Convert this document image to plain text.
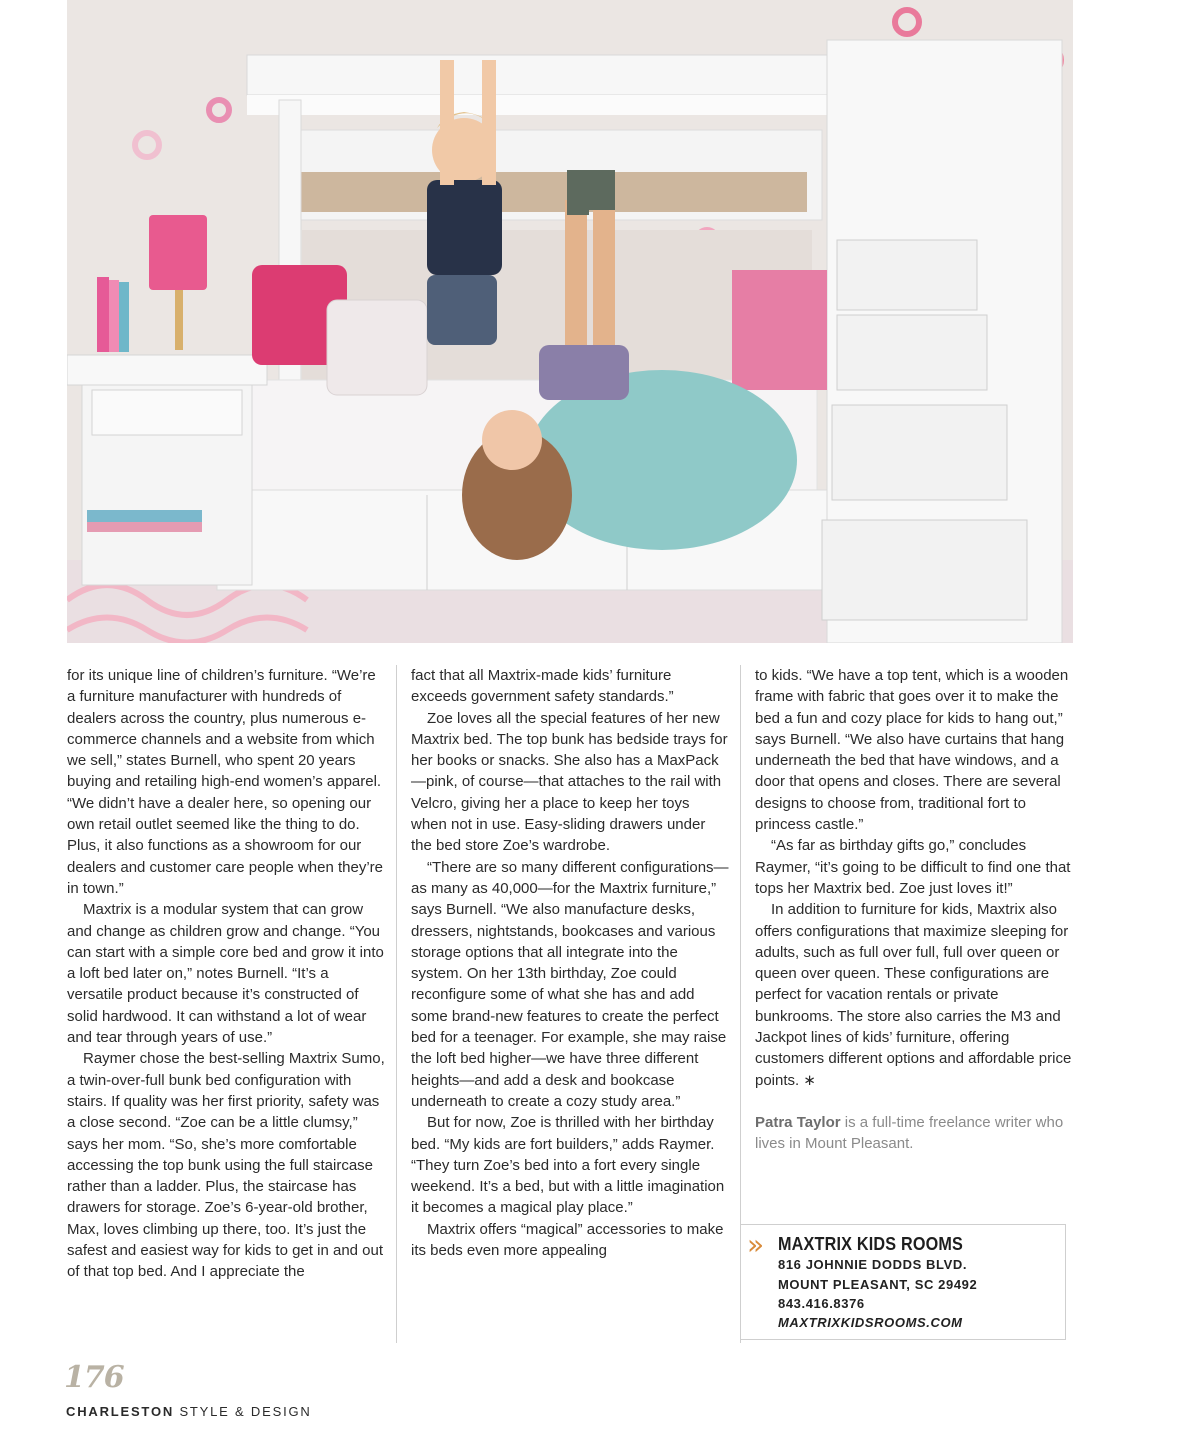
for its unique line of children’s furniture. “We’re a furniture manufacturer with hundreds of dealers across the country, plus numerous e-commerce channels and a website from which we sell,” states Burnell, who spent 20 years buying and retailing high-end women’s apparel. “We didn’t have a dealer here, so opening our own retail outlet seemed like the thing to do. Plus, it also functions as a showroom for our dealers and customer care people when they’re in town.”

Maxtrix is a modular system that can grow and change as children grow and change. “You can start with a simple core bed and grow it into a loft bed later on,” notes Burnell. “It’s a versatile product because it’s constructed of solid hardwood. It can withstand a lot of wear and tear through years of use.”

Raymer chose the best-selling Maxtrix Sumo, a twin-over-full bunk bed configuration with stairs. If quality was her first priority, safety was a close second. “Zoe can be a little clumsy,” says her mom. “So, she’s more comfortable accessing the top bunk using the full staircase rather than a ladder. Plus, the staircase has drawers for storage. Zoe’s 6-year-old brother, Max, loves climbing up there, too. It’s just the safest and easiest way for kids to get in and out of that top bed. And I appreciate the

fact that all Maxtrix-made kids’ furniture exceeds government safety standards.”

Zoe loves all the special features of her new Maxtrix bed. The top bunk has bedside trays for her books or snacks. She also has a MaxPack—pink, of course—that attaches to the rail with Velcro, giving her a place to keep her toys when not in use. Easy-sliding drawers under the bed store Zoe’s wardrobe.

“There are so many different configurations—as many as 40,000—for the Maxtrix furniture,” says Burnell. “We also manufacture desks, dressers, nightstands, bookcases and various storage options that all integrate into the system. On her 13th birthday, Zoe could reconfigure some of what she has and add some brand-new features to create the perfect bed for a teenager. For example, she may raise the loft bed higher—we have three different heights—and add a desk and bookcase underneath to create a cozy study area.”

But for now, Zoe is thrilled with her birthday bed. “My kids are fort builders,” adds Raymer. “They turn Zoe’s bed into a fort every single weekend. It’s a bed, but with a little imagination it becomes a magical play place.”

Maxtrix offers “magical” accessories to make its beds even more appealing

to kids. “We have a top tent, which is a wooden frame with fabric that goes over it to make the bed a fun and cozy place for kids to hang out,” says Burnell. “We also have curtains that hang underneath the bed that have windows, and a door that opens and closes. There are several designs to choose from, traditional fort to princess castle.”

“As far as birthday gifts go,” concludes Raymer, “it’s going to be difficult to find one that tops her Maxtrix bed. Zoe just loves it!”

In addition to furniture for kids, Maxtrix also offers configurations that maximize sleeping for adults, such as full over full, full over queen or queen over queen. These configurations are perfect for vacation rentals or private bunkrooms. The store also carries the M3 and Jackpot lines of kids’ furniture, offering customers different options and affordable price points. ∗

Patra Taylor is a full-time freelance writer who lives in Mount Pleasant.

» MAXTRIX KIDS ROOMS
816 JOHNNIE DODDS BLVD.
MOUNT PLEASANT, SC 29492
843.416.8376
MAXTRIXKIDSROOMS.COM
176
CHARLESTON STYLE & DESIGN
